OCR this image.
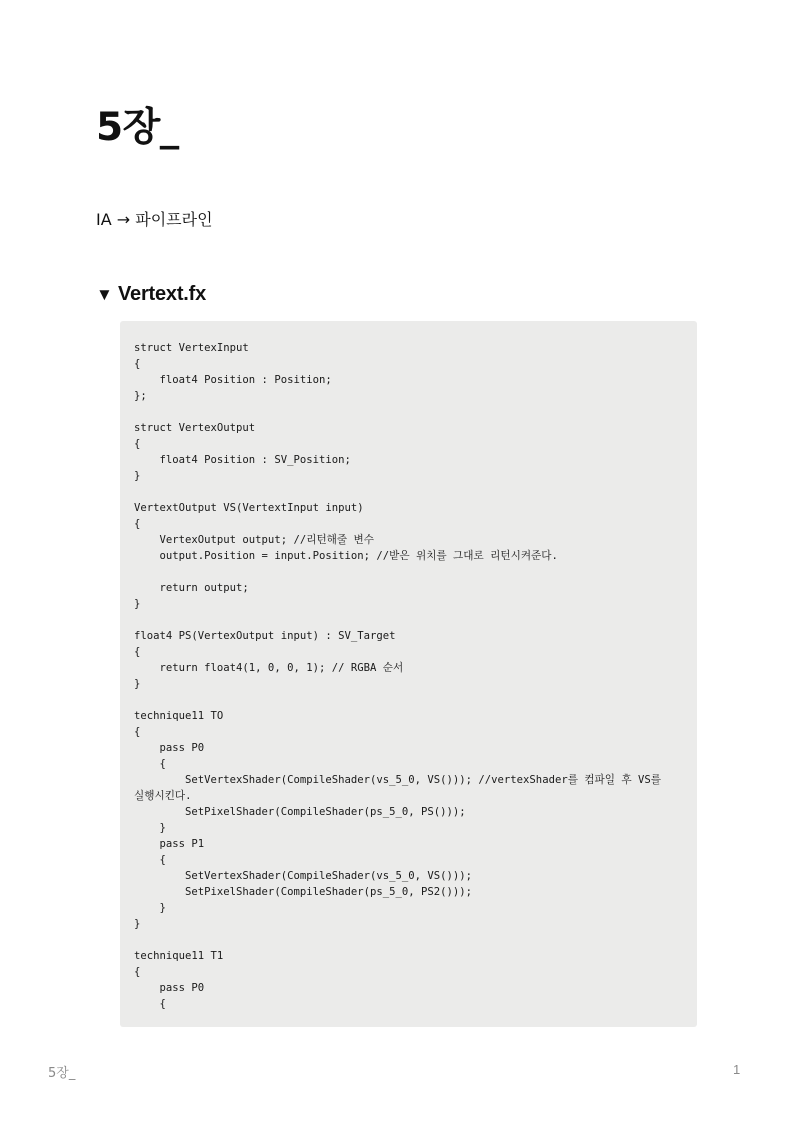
5장_

IA → 파이프라인

▼ Vertext.fx
struct VertexInput
{
float4 Position : Position;
};

struct VertexOutput
{
float4 Position : SV_Position;
}

VertextOutput VS(VertextInput input)
{
VertexOutput output; //리턴해줄 변수
output.Position = input.Position; //받은 위치를 그대로 리턴시켜준다.

return output;
}

float4 PS(VertexOutput input) : SV_Target
{
return float4(1, 0, 0, 1); // RGBA 순서
}

technique11 TO
{
pass P0
{
SetVertexShader(CompileShader(vs_5_0, VS())); //vertexShader를 컴파일 후 VS를
실행시킨다.
SetPixelShader(CompileShader(ps_5_0, PS()));
}
pass P1
{
SetVertexShader(CompileShader(vs_5_0, VS()));
SetPixelShader(CompileShader(ps_5_0, PS2()));
}
}

technique11 T1
{
pass P0
{
5장_	1
